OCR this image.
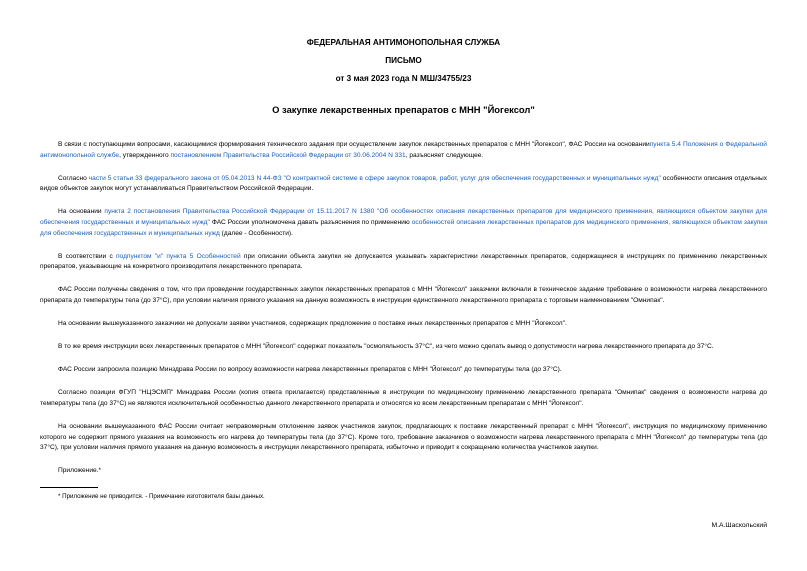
ФЕДЕРАЛЬНАЯ АНТИМОНОПОЛЬНАЯ СЛУЖБА
ПИСЬМО
от 3 мая 2023 года N МШ/34755/23
О закупке лекарственных препаратов с МНН "Йогексол"

В связи с поступающими вопросами, касающимися формирования технического задания при осуществлении закупок лекарственных препаратов с МНН "Йогексол", ФАС России на основаниипункта 5.4 Положения о Федеральной антимонопольной службе, утвержденного постановлением Правительства Российской Федерации от 30.06.2004 N 331, разъясняет следующее.

Согласно части 5 статьи 33 федерального закона от 05.04.2013 N 44-ФЗ "О контрактной системе в сфере закупок товаров, работ, услуг для обеспечения государственных и муниципальных нужд" особенности описания отдельных видов объектов закупок могут устанавливаться Правительством Российской Федерации.

На основании пункта 2 постановления Правительства Российской Федерации от 15.11.2017 N 1380 "Об особенностях описания лекарственных препаратов для медицинского применения, являющихся объектом закупки для обеспечения государственных и муниципальных нужд" ФАС России уполномочена давать разъяснения по применению особенностей описания лекарственных препаратов для медицинского применения, являющихся объектом закупки для обеспечения государственных и муниципальных нужд (далее - Особенности).

В соответствии с подпунктом "и" пункта 5 Особенностей при описании объекта закупки не допускается указывать характеристики лекарственных препаратов, содержащиеся в инструкциях по применению лекарственных препаратов, указывающие на конкретного производителя лекарственного препарата.

ФАС России получены сведения о том, что при проведении государственных закупок лекарственных препаратов с МНН "Йогексол" заказчики включали в техническое задание требование о возможности нагрева лекарственного препарата до температуры тела (до 37°C), при условии наличия прямого указания на данную возможность в инструкции единственного лекарственного препарата с торговым наименованием "Омнипак".

На основании вышеуказанного заказчики не допускали заявки участников, содержащих предложение о поставке иных лекарственных препаратов с МНН "Йогексол".

В то же время инструкции всех лекарственных препаратов с МНН "Йогексол" содержат показатель "осмоляльность 37°C", из чего можно сделать вывод о допустимости нагрева лекарственного препарата до 37°C.

ФАС России запросила позицию Минздрава России по вопросу возможности нагрева лекарственных препаратов с МНН "Йогексол" до температуры тела (до 37°C).

Согласно позиции ФГУП "НЦЭСМП" Минздрава России (копия ответа прилагается) представленные в инструкции по медицинскому применению лекарственного препарата "Омнипак" сведения о возможности нагрева до температуры тела (до 37°C) не являются исключительной особенностью данного лекарственного препарата и относятся ко всем лекарственным препаратам с МНН "Йогексол".

На основании вышеуказанного ФАС России считает неправомерным отклонение заявок участников закупок, предлагающих к поставке лекарственный препарат с МНН "Йогексол", инструкция по медицинскому применению которого не содержит прямого указания на возможность его нагрева до температуры тела (до 37°C). Кроме того, требование заказчиков о возможности нагрева лекарственного препарата с МНН "Йогексол" до температуры тела (до 37°C), при условии наличия прямого указания на данную возможность в инструкции лекарственного препарата, избыточно и приводит к сокращению количества участников закупки.

Приложение.*

* Приложение не приводится. - Примечание изготовителя базы данных.

М.А.Шаскольский
